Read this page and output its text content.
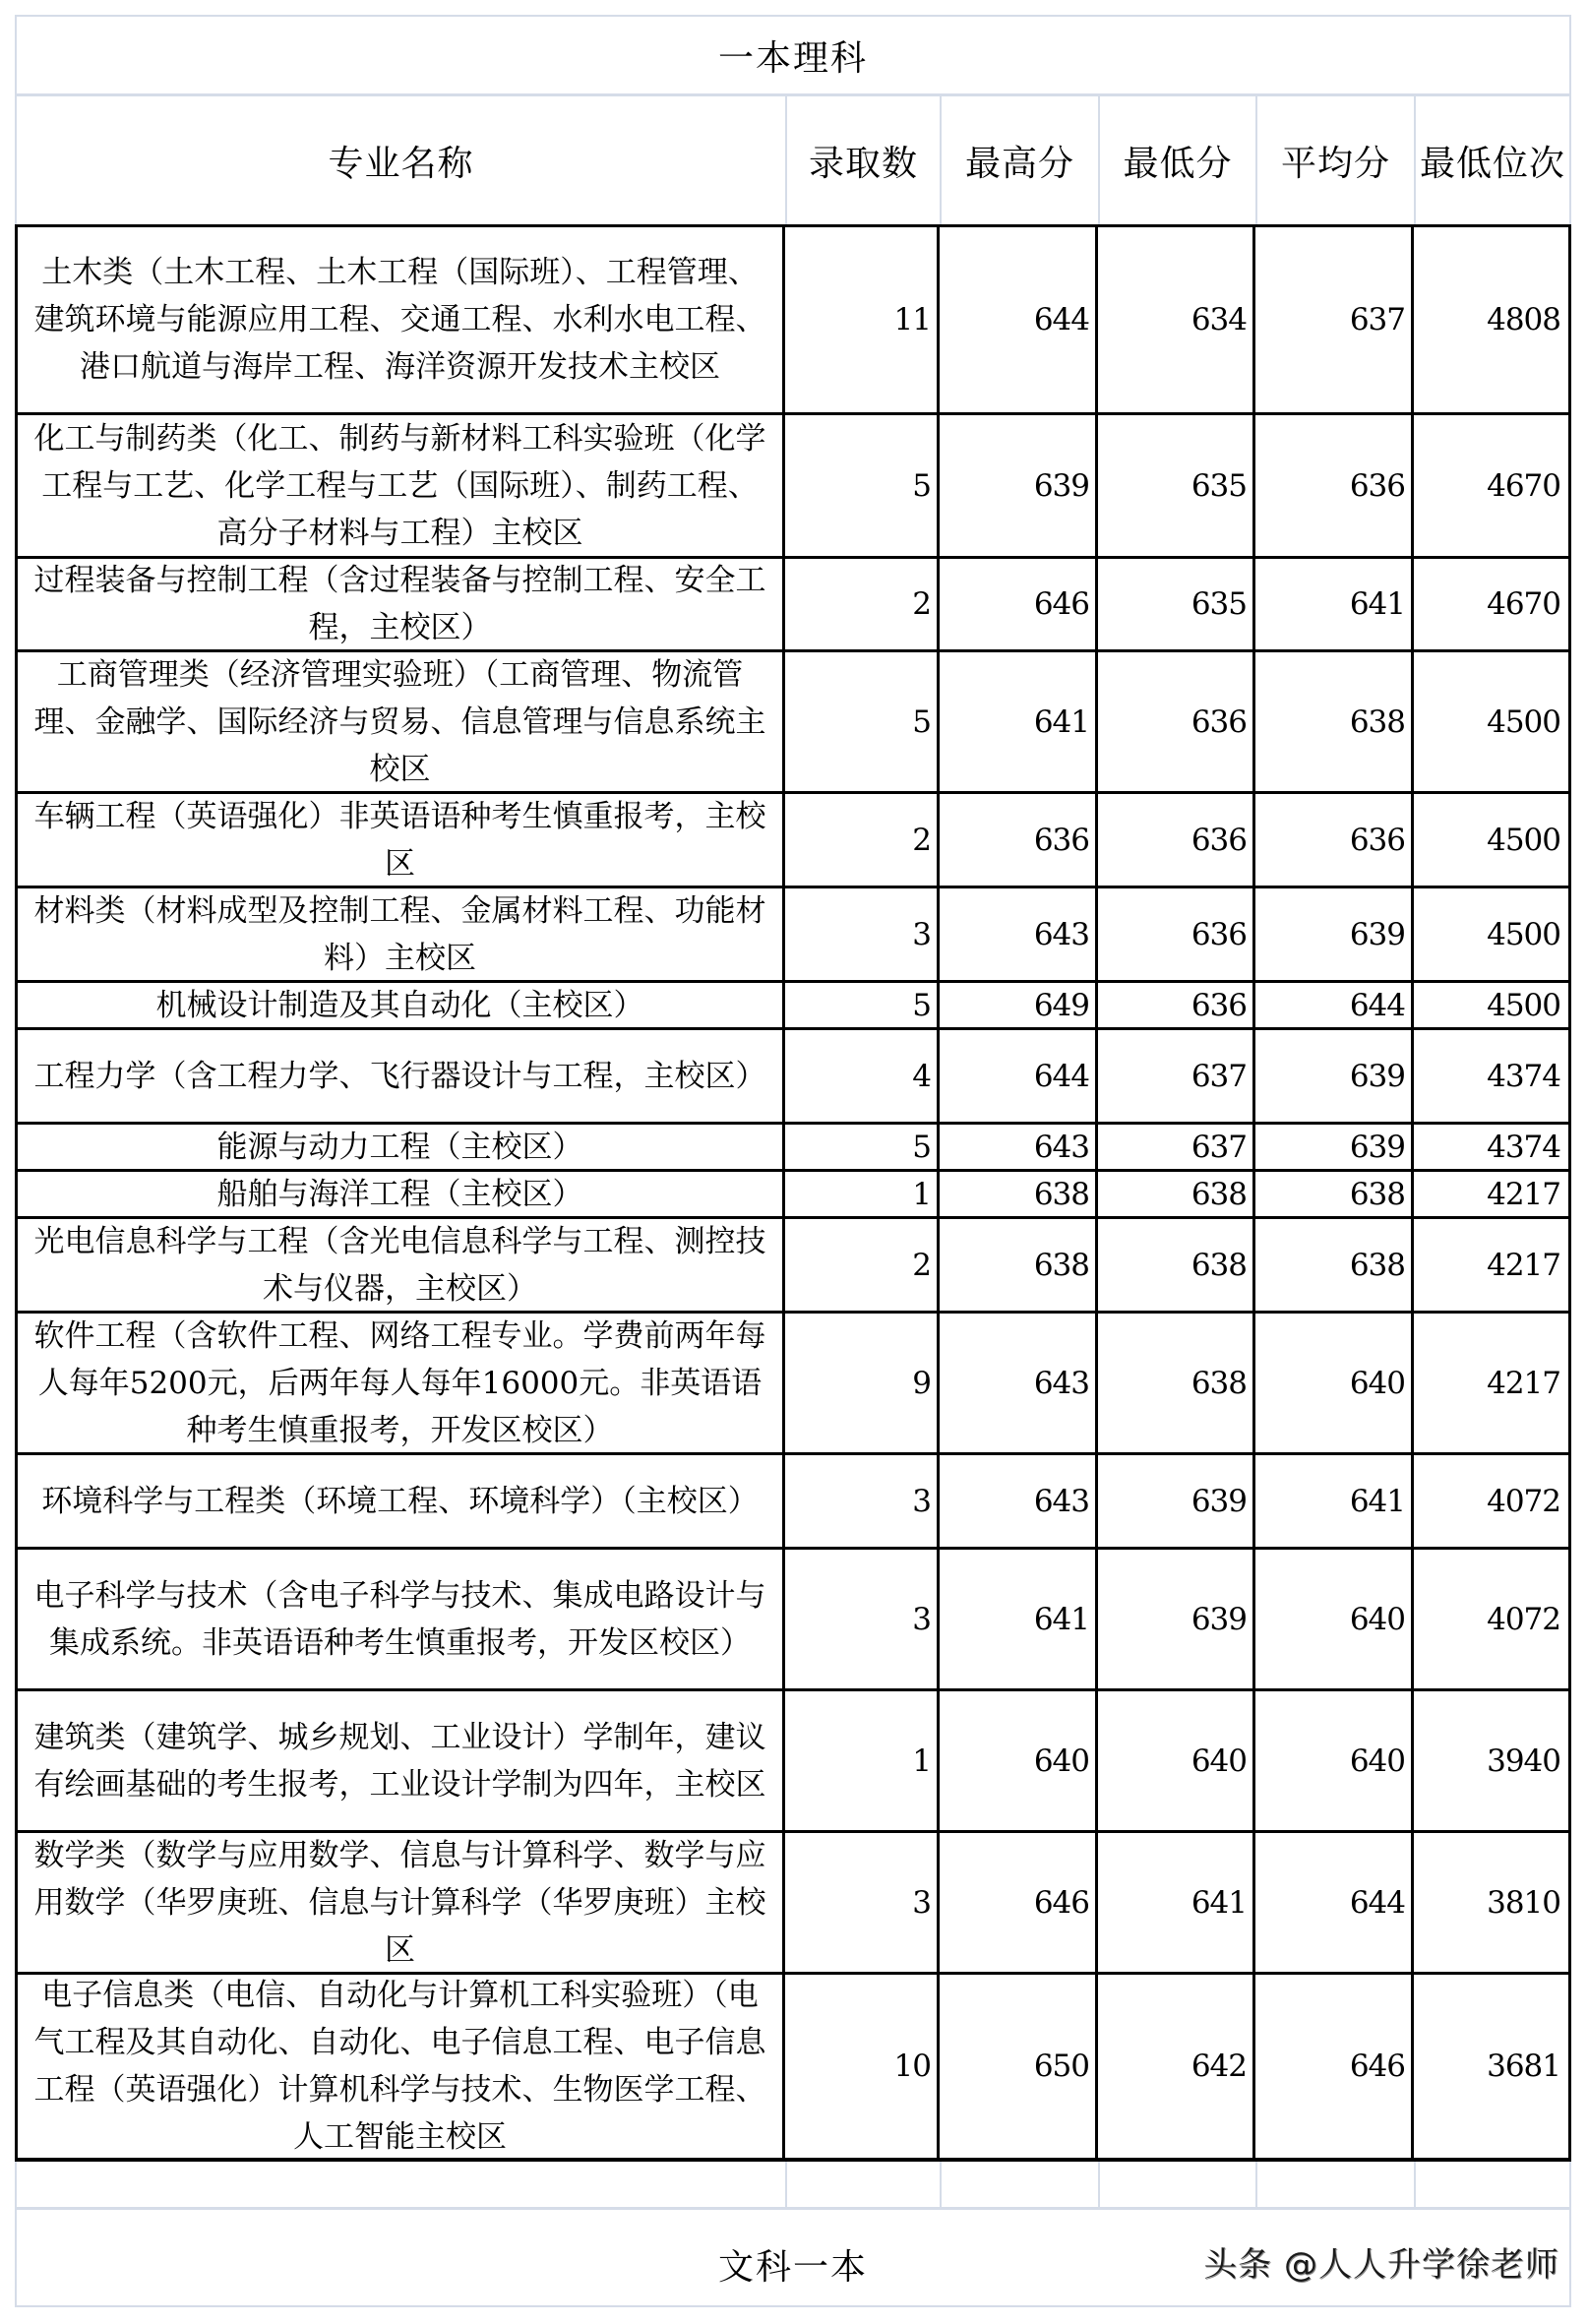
一本理科
专业名称	录取数	最高分	最低分	平均分 最低位次
土木类（土木工程、土木工程（国际班）、工程管理、建筑环境与能源应用工程、交通工程、水利水电工程、港口航道与海岸工程、海洋资源开发技术主校区
11	644	634	637	4808
化工与制药类（化工、制药与新材料工科实验班（化学工程与工艺、化学工程与工艺（国际班）、制药工程、高分子材料与工程）主校区
5	639	635	636	4670
过程装备与控制工程（含过程装备与控制工程、安全工程，主校区）
2	646	635	641	4670
工商管理类（经济管理实验班）（工商管理、物流管理、金融学、国际经济与贸易、信息管理与信息系统主校区
5	641	636	638	4500
车辆工程（英语强化）非英语语种考生慎重报考，主校区
2	636	636	636	4500
材料类（材料成型及控制工程、金属材料工程、功能材料）主校区
3	643	636	639	4500
机械设计制造及其自动化（主校区）	5	649	636	644	4500
工程力学（含工程力学、飞行器设计与工程，主校区）	4	644	637	639	4374
能源与动力工程（主校区）	5	643	637	639	4374
船舶与海洋工程（主校区）	1	638	638	638	4217
光电信息科学与工程（含光电信息科学与工程、测控技术与仪器，主校区）
2	638	638	638	4217
软件工程（含软件工程、网络工程专业。学费前两年每人每年5200元，后两年每人每年16000元。非英语语种考生慎重报考，开发区校区）
9	643	638	640	4217
环境科学与工程类（环境工程、环境科学）（主校区）	3	643	639	641	4072
电子科学与技术（含电子科学与技术、集成电路设计与集成系统。非英语语种考生慎重报考，开发区校区）
3	641	639	640	4072
建筑类（建筑学、城乡规划、工业设计）学制年，建议有绘画基础的考生报考，工业设计学制为四年，主校区
1	640	640	640	3940
数学类（数学与应用数学、信息与计算科学、数学与应用数学（华罗庚班、信息与计算科学（华罗庚班）主校区
3	646	641	644	3810
电子信息类（电信、自动化与计算机工科实验班）（电气工程及其自动化、自动化、电子信息工程、电子信息工程（英语强化）计算机科学与技术、生物医学工程、人工智能主校区
10	650	642	646	3681
文科一本	头条 @人人升学徐老师
